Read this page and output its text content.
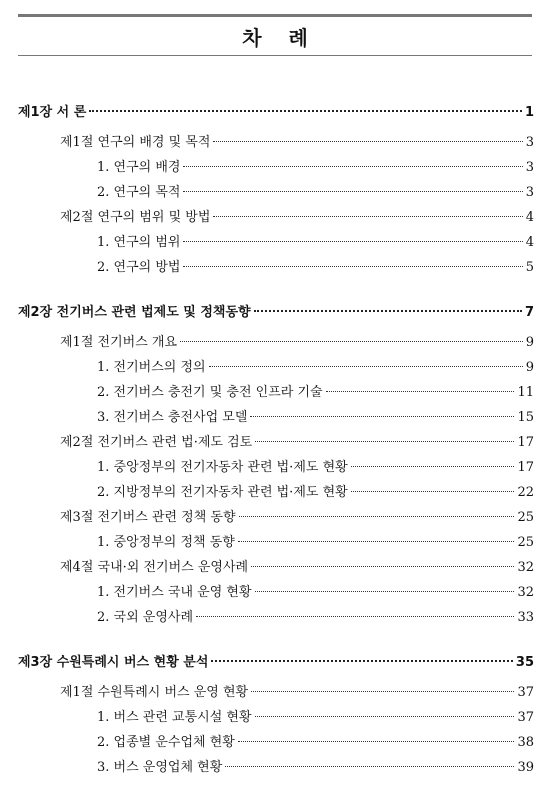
차 례
제1장 서 론	1
제1절 연구의 배경 및 목적	3
1. 연구의 배경	3
2. 연구의 목적	3
제2절 연구의 범위 및 방법	4
1. 연구의 범위	4
2. 연구의 방법	5
제2장 전기버스 관련 법제도 및 정책동향	7
제1절 전기버스 개요	9
1. 전기버스의 정의	9
2. 전기버스 충전기 및 충전 인프라 기술	11
3. 전기버스 충전사업 모델	15
제2절 전기버스 관련 법·제도 검토	17
1. 중앙정부의 전기자동차 관련 법·제도 현황	17
2. 지방정부의 전기자동차 관련 법·제도 현황	22
제3절 전기버스 관련 정책 동향	25
1. 중앙정부의 정책 동향	25
제4절 국내·외 전기버스 운영사례	32
1. 전기버스 국내 운영 현황	32
2. 국외 운영사례	33
제3장 수원특례시 버스 현황 분석	35
제1절 수원특례시 버스 운영 현황	37
1. 버스 관련 교통시설 현황	37
2. 업종별 운수업체 현황	38
3. 버스 운영업체 현황	39
